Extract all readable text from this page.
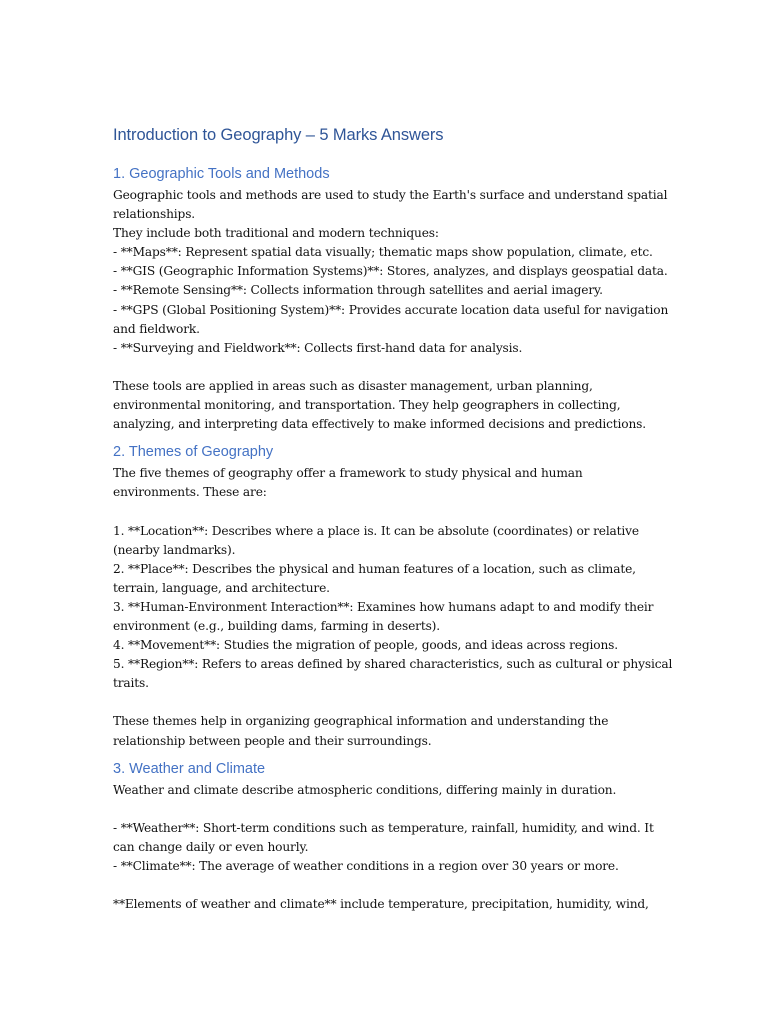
Introduction to Geography – 5 Marks Answers
1. Geographic Tools and Methods
Geographic tools and methods are used to study the Earth's surface and understand spatial
relationships.
They include both traditional and modern techniques:
- **Maps**: Represent spatial data visually; thematic maps show population, climate, etc.
- **GIS (Geographic Information Systems)**: Stores, analyzes, and displays geospatial data.
- **Remote Sensing**: Collects information through satellites and aerial imagery.
- **GPS (Global Positioning System)**: Provides accurate location data useful for navigation
and fieldwork.
- **Surveying and Fieldwork**: Collects first-hand data for analysis.
These tools are applied in areas such as disaster management, urban planning,
environmental monitoring, and transportation. They help geographers in collecting,
analyzing, and interpreting data effectively to make informed decisions and predictions.
2. Themes of Geography
The five themes of geography offer a framework to study physical and human
environments. These are:
1. **Location**: Describes where a place is. It can be absolute (coordinates) or relative
(nearby landmarks).
2. **Place**: Describes the physical and human features of a location, such as climate,
terrain, language, and architecture.
3. **Human-Environment Interaction**: Examines how humans adapt to and modify their
environment (e.g., building dams, farming in deserts).
4. **Movement**: Studies the migration of people, goods, and ideas across regions.
5. **Region**: Refers to areas defined by shared characteristics, such as cultural or physical
traits.
These themes help in organizing geographical information and understanding the
relationship between people and their surroundings.
3. Weather and Climate
Weather and climate describe atmospheric conditions, differing mainly in duration.
- **Weather**: Short-term conditions such as temperature, rainfall, humidity, and wind. It
can change daily or even hourly.
- **Climate**: The average of weather conditions in a region over 30 years or more.
**Elements of weather and climate** include temperature, precipitation, humidity, wind,
